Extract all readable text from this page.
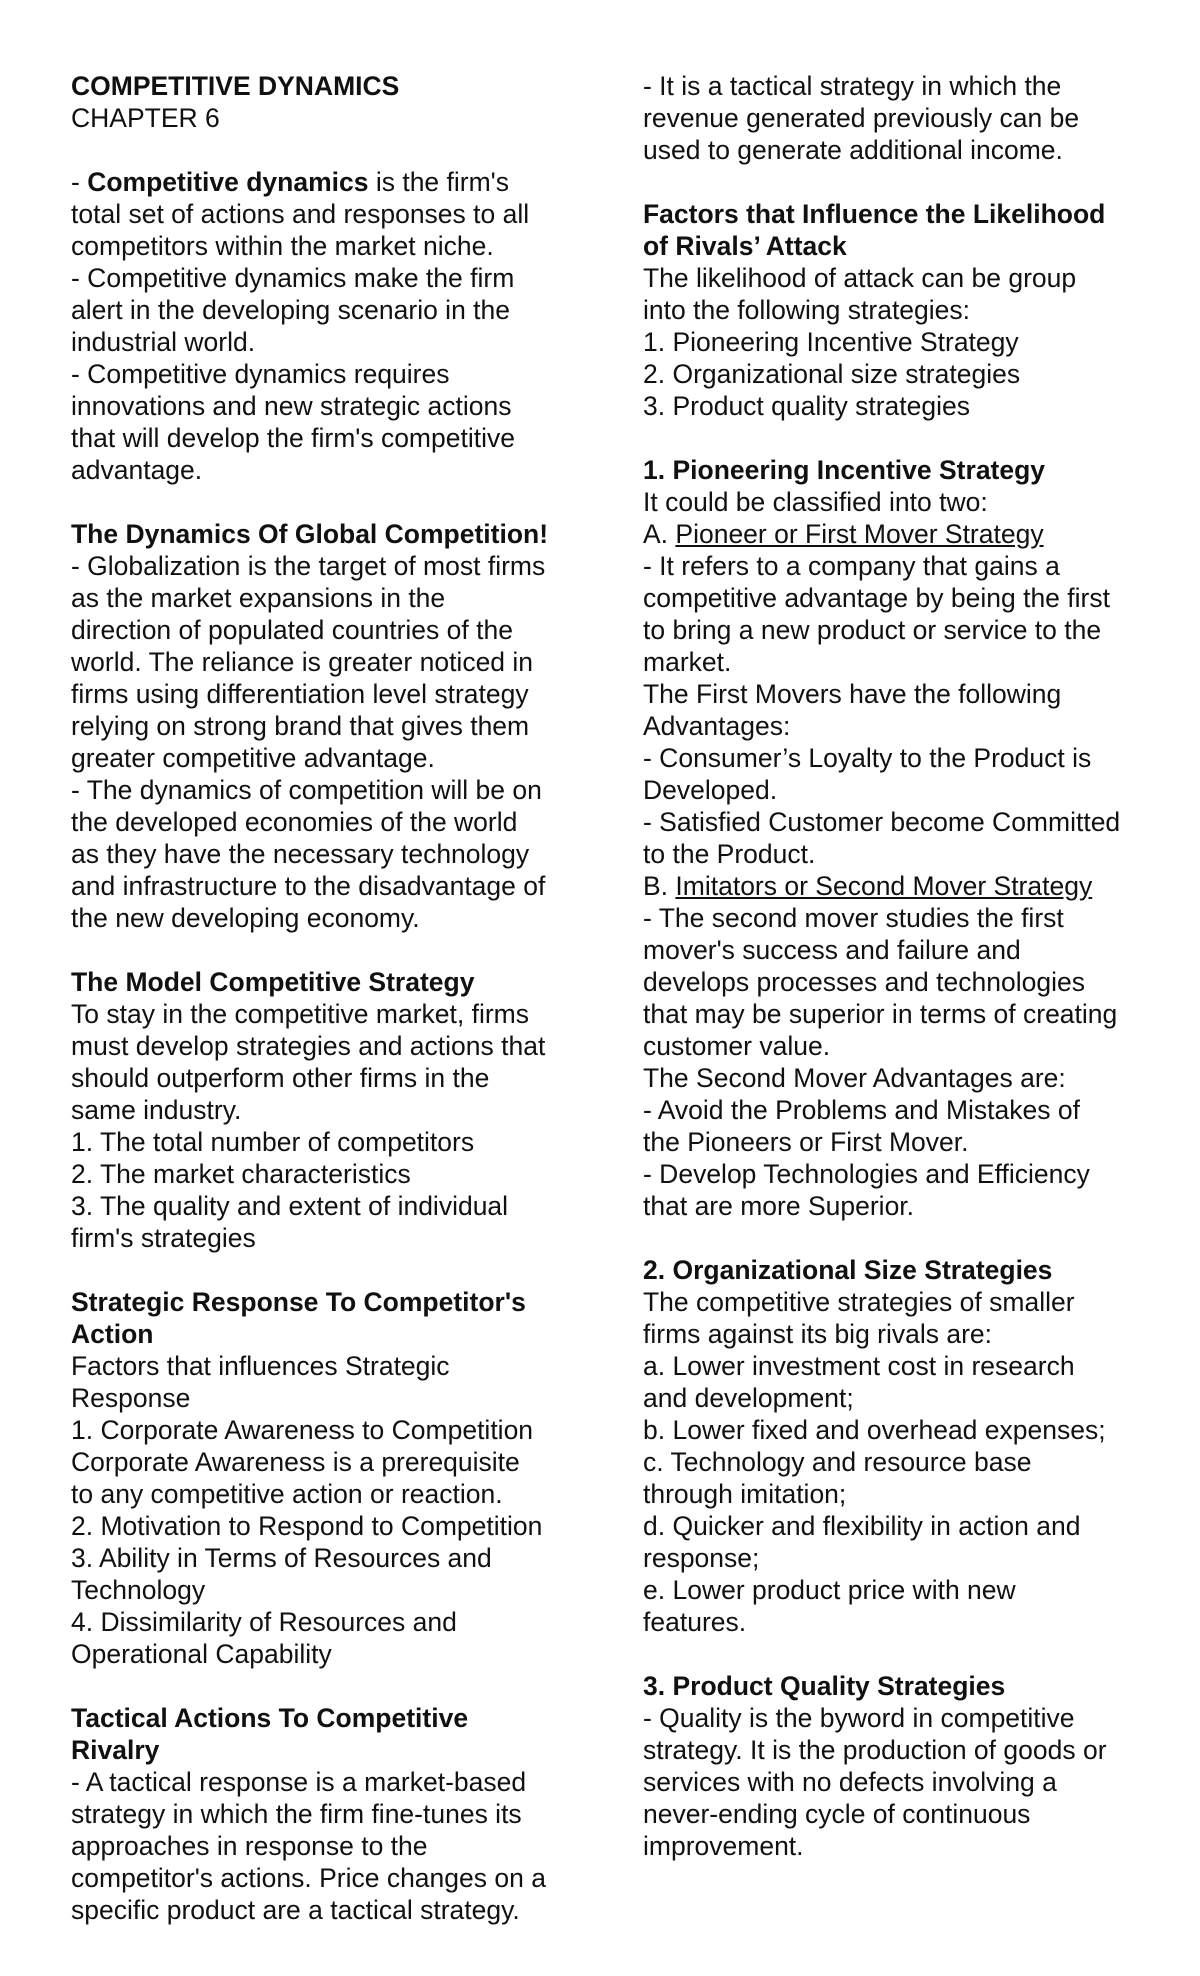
COMPETITIVE DYNAMICS
CHAPTER 6
- Competitive dynamics is the firm's
total set of actions and responses to all
competitors within the market niche.
- Competitive dynamics make the firm
alert in the developing scenario in the
industrial world.
- Competitive dynamics requires
innovations and new strategic actions
that will develop the firm's competitive
advantage.
The Dynamics Of Global Competition!
- Globalization is the target of most firms
as the market expansions in the
direction of populated countries of the
world. The reliance is greater noticed in
firms using differentiation level strategy
relying on strong brand that gives them
greater competitive advantage.
- The dynamics of competition will be on
the developed economies of the world
as they have the necessary technology
and infrastructure to the disadvantage of
the new developing economy.
The Model Competitive Strategy
To stay in the competitive market, firms
must develop strategies and actions that
should outperform other firms in the
same industry.
1. The total number of competitors
2. The market characteristics
3. The quality and extent of individual
firm's strategies
Strategic Response To Competitor's
Action
Factors that influences Strategic
Response
1. Corporate Awareness to Competition
Corporate Awareness is a prerequisite
to any competitive action or reaction.
2. Motivation to Respond to Competition
3. Ability in Terms of Resources and
Technology
4. Dissimilarity of Resources and
Operational Capability
Tactical Actions To Competitive
Rivalry
- A tactical response is a market-based
strategy in which the firm fine-tunes its
approaches in response to the
competitor's actions. Price changes on a
specific product are a tactical strategy.
- It is a tactical strategy in which the
revenue generated previously can be
used to generate additional income.
Factors that Influence the Likelihood
of Rivals’ Attack
The likelihood of attack can be group
into the following strategies:
1. Pioneering Incentive Strategy
2. Organizational size strategies
3. Product quality strategies
1. Pioneering Incentive Strategy
It could be classified into two:
A. Pioneer or First Mover Strategy
- It refers to a company that gains a
competitive advantage by being the first
to bring a new product or service to the
market.
The First Movers have the following
Advantages:
- Consumer’s Loyalty to the Product is
Developed.
- Satisfied Customer become Committed
to the Product.
B. Imitators or Second Mover Strategy
- The second mover studies the first
mover's success and failure and
develops processes and technologies
that may be superior in terms of creating
customer value.
The Second Mover Advantages are:
- Avoid the Problems and Mistakes of
the Pioneers or First Mover.
- Develop Technologies and Efficiency
that are more Superior.
2. Organizational Size Strategies
The competitive strategies of smaller
firms against its big rivals are:
a. Lower investment cost in research
and development;
b. Lower fixed and overhead expenses;
c. Technology and resource base
through imitation;
d. Quicker and flexibility in action and
response;
e. Lower product price with new
features.
3. Product Quality Strategies
- Quality is the byword in competitive
strategy. It is the production of goods or
services with no defects involving a
never-ending cycle of continuous
improvement.
